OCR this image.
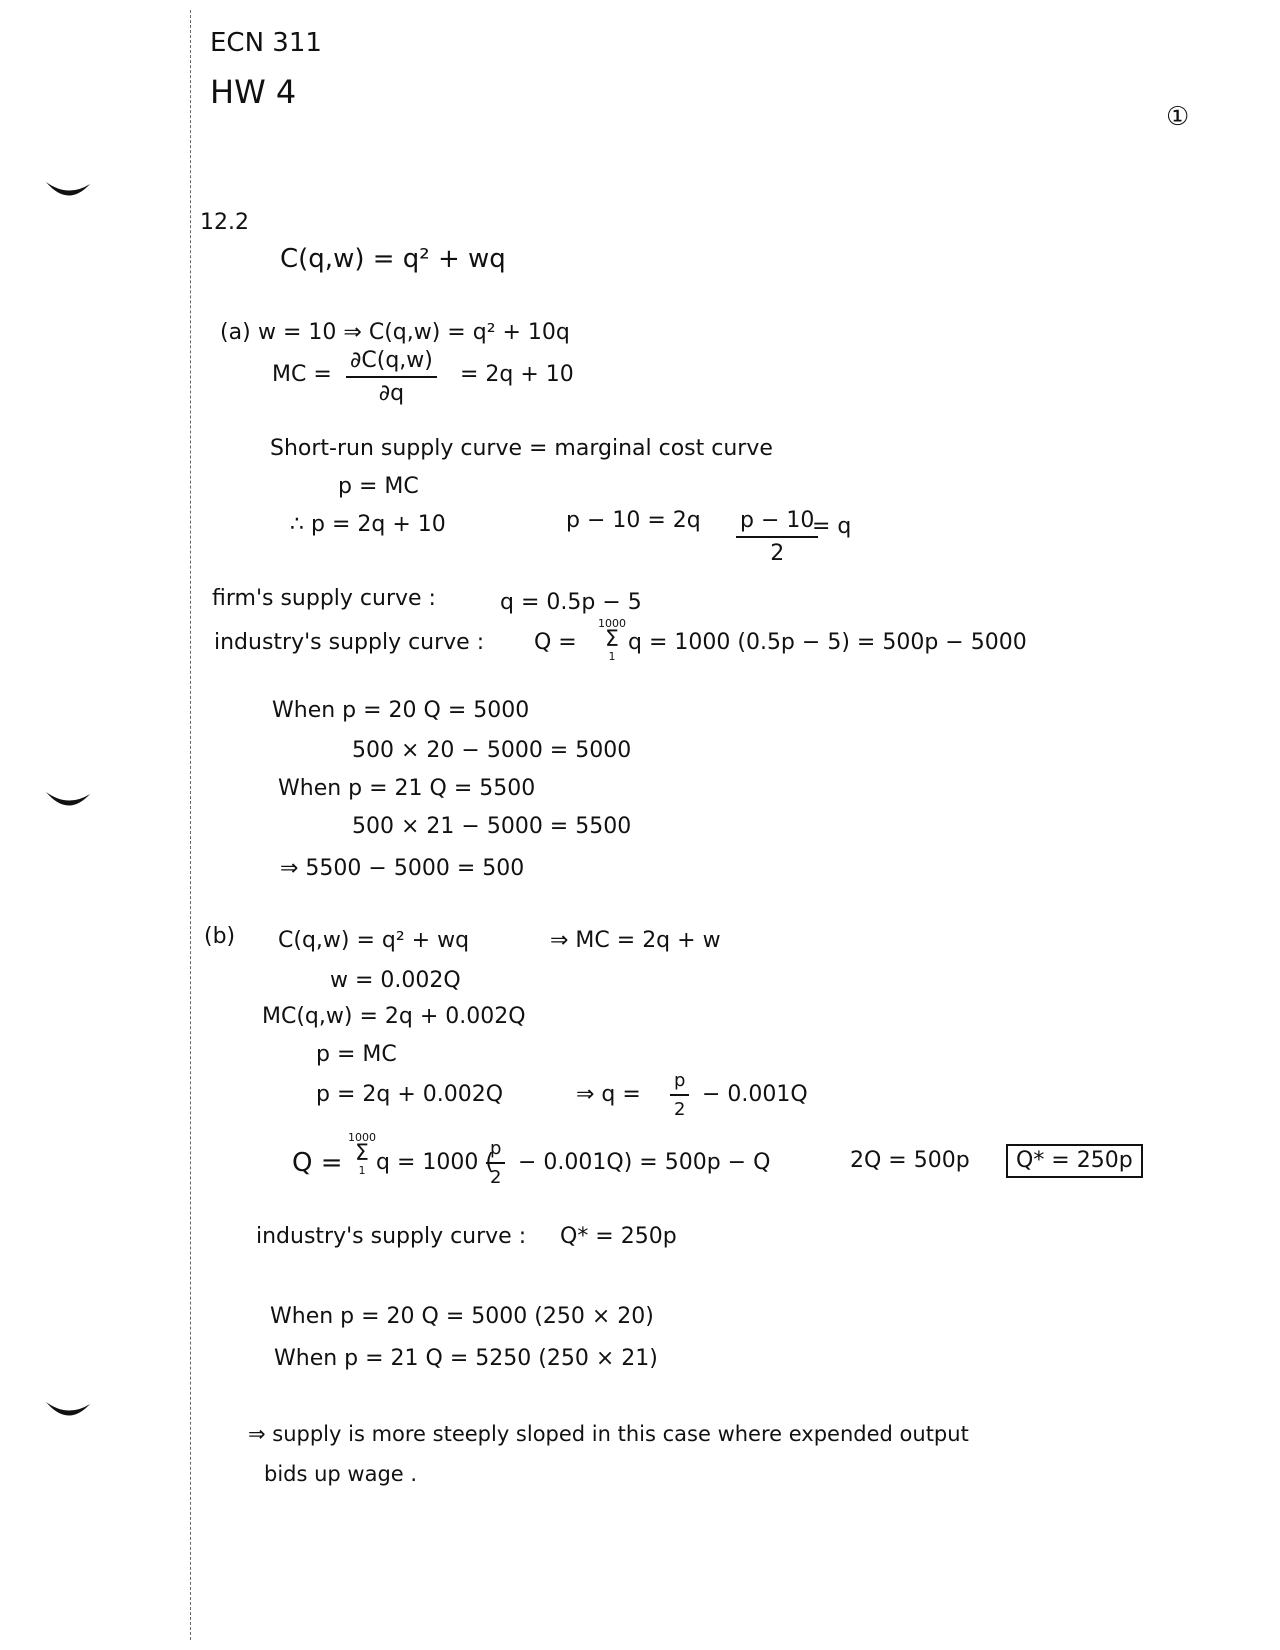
ECN 311
HW 4
①
12.2
C(q,w) = q² + wq
(a) w = 10 ⇒ C(q,w) = q² + 10q
MC = $\frac{\partial C(q,w)}{\partial q} = 2q + 10$
Short-run supply curve = marginal cost curve
p = MC
∴ p = 2q + 10	$p - 10 = 2q \frac{p - 10}{2}$
= q
firm's supply curve :	q = 0.5p − 5
industry's supply curve : Q =
1000
Σ
1
q = 1000 (0.5p − 5) = 500p − 5000
When p = 20 Q = 5000
500 × 20 − 5000 = 5000
When p = 21 Q = 5500
500 × 21 − 5000 = 5500
⇒ 5500 − 5000 = 500
(b) C(q,w) = q² + wq	⇒ MC = 2q + w
w = 0.002Q
MC(q,w) = 2q + 0.002Q
p = MC
p = 2q + 0.002Q	⇒ $q = \frac{p}{2} - 0.001Q$
Q =
1000
Σ
1 q = 1000 (
$\frac{p}{2} - 0.001Q) = 500p - Q$	2Q = 500p	Q* = 250p
industry's supply curve : Q* = 250p
When p = 20 Q = 5000 (250 × 20)
When p = 21 Q = 5250 (250 × 21)
⇒ supply is more steeply sloped in this case where expended output
bids up wage .
